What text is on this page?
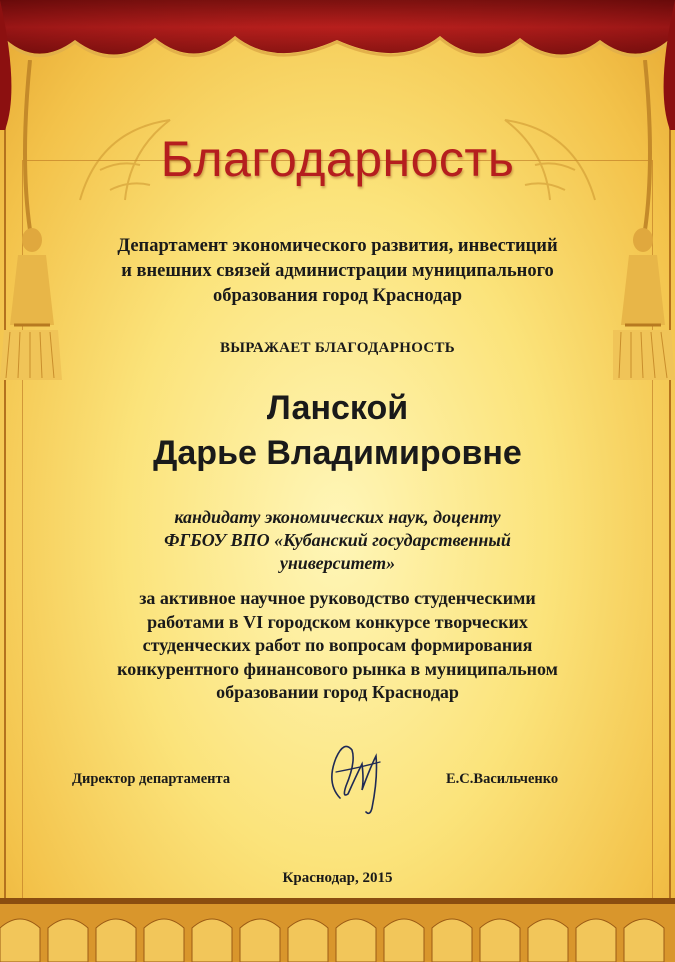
Благодарность
Департамент экономического развития, инвестиций
и внешних связей администрации муниципального
образования город Краснодар
ВЫРАЖАЕТ БЛАГОДАРНОСТЬ
Ланской
Дарье Владимировне
кандидату экономических наук, доценту
ФГБОУ ВПО «Кубанский государственный
университет»
за активное научное руководство студенческими
работами в VI городском конкурсе творческих
студенческих работ по вопросам формирования
конкурентного финансового рынка в муниципальном
образовании город Краснодар
Директор департамента	Е.С.Васильченко
Краснодар, 2015
